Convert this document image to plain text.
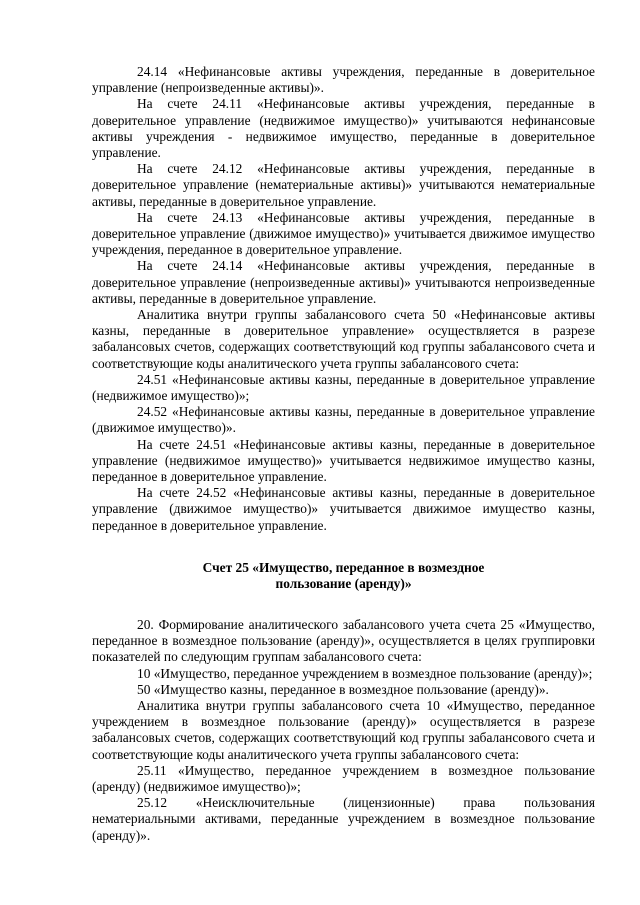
24.14 «Нефинансовые активы учреждения, переданные в доверительное управление (непроизведенные активы)».

На счете 24.11 «Нефинансовые активы учреждения, переданные в доверительное управление (недвижимое имущество)» учитываются нефинансовые активы учреждения - недвижимое имущество, переданные в доверительное управление.

На счете 24.12 «Нефинансовые активы учреждения, переданные в доверительное управление (нематериальные активы)» учитываются нематериальные активы, переданные в доверительное управление.

На счете 24.13 «Нефинансовые активы учреждения, переданные в доверительное управление (движимое имущество)» учитывается движимое имущество учреждения, переданное в доверительное управление.

На счете 24.14 «Нефинансовые активы учреждения, переданные в доверительное управление (непроизведенные активы)» учитываются непроизведенные активы, переданные в доверительное управление.

Аналитика внутри группы забалансового счета 50 «Нефинансовые активы казны, переданные в доверительное управление» осуществляется в разрезе забалансовых счетов, содержащих соответствующий код группы забалансового счета и соответствующие коды аналитического учета группы забалансового счета:

24.51 «Нефинансовые активы казны, переданные в доверительное управление (недвижимое имущество)»;

24.52 «Нефинансовые активы казны, переданные в доверительное управление (движимое имущество)».

На счете 24.51 «Нефинансовые активы казны, переданные в доверительное управление (недвижимое имущество)» учитывается недвижимое имущество казны, переданное в доверительное управление.

На счете 24.52 «Нефинансовые активы казны, переданные в доверительное управление (движимое имущество)» учитывается движимое имущество казны, переданное в доверительное управление.

Счет 25 «Имущество, переданное в возмездное
пользование (аренду)»

20. Формирование аналитического забалансового учета счета 25 «Имущество, переданное в возмездное пользование (аренду)», осуществляется в целях группировки показателей по следующим группам забалансового счета:

10 «Имущество, переданное учреждением в возмездное пользование (аренду)»;

50 «Имущество казны, переданное в возмездное пользование (аренду)».

Аналитика внутри группы забалансового счета 10 «Имущество, переданное учреждением в возмездное пользование (аренду)» осуществляется в разрезе забалансовых счетов, содержащих соответствующий код группы забалансового счета и соответствующие коды аналитического учета группы забалансового счета:

25.11 «Имущество, переданное учреждением в возмездное пользование (аренду) (недвижимое имущество)»;

25.12 «Неисключительные (лицензионные) права пользования нематериальными активами, переданные учреждением в возмездное пользование (аренду)».
